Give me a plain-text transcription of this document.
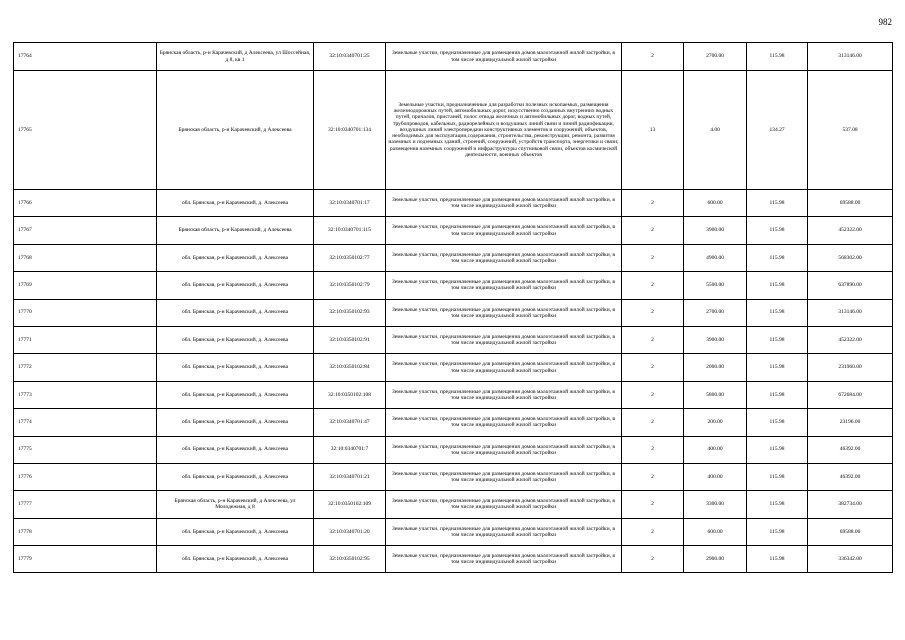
982
17764	Брянская область, р-н Карачевский, д Алексеева, ул Шоссейная, д 8, кв 1	32:10:0340701:25	Земельные участки, предназначенные для размещения домов малоэтажной жилой застройки, в том числе индивидуальной жилой застройки	2	2700.00	115.98	313146.00
17765	Брянская область, р-н Карачевский, д Алексеева	32:10:0340701:134	Земельные участки, предназначенные для разработки полезных ископаемых, размещения железнодорожных путей, автомобильных дорог, искусственно созданных внутренних водных путей, причалов, пристаней, полос отвода железных и автомобильных дорог, водных путей, трубопроводов, кабельных, радиорелейных и воздушных линий связи и линий радиофикации, воздушных линий электропередачи конструктивных элементов и сооружений, объектов, необходимых для эксплуатации,содержания, строительства, реконструкции, ремонта, развития наземных и подземных зданий, строений, сооружений, устройств транспорта, энергетики и связи; размещения наземных сооружений и инфраструктуры спутниковой связи, объектов космической деятельности, военных объектов	13	4.00	134.27	537.08
17766	обл. Брянская, р-н Карачевский, д. Алексеева	32:10:0340701:17	Земельные участки, предназначенные для размещения домов малоэтажной жилой застройки, в том числе индивидуальной жилой застройки	2	600.00	115.98	69588.00
17767	Брянская область, р-н Карачевский, д Алексеева	32:10:0340701:115	Земельные участки, предназначенные для размещения домов малоэтажной жилой застройки, в том числе индивидуальной жилой застройки	2	3900.00	115.98	452322.00
17768	обл. Брянская, р-н Карачевский, д. Алексеева	32:10:0350102:77	Земельные участки, предназначенные для размещения домов малоэтажной жилой застройки, в том числе индивидуальной жилой застройки	2	4900.00	115.98	568302.00
17769	обл. Брянская, р-н Карачевский, д. Алексеева	32:10:0350102:79	Земельные участки, предназначенные для размещения домов малоэтажной жилой застройки, в том числе индивидуальной жилой застройки	2	5500.00	115.98	637890.00
17770	обл. Брянская, р-н Карачевский, д. Алексеева	32:10:0350102:93	Земельные участки, предназначенные для размещения домов малоэтажной жилой застройки, в том числе индивидуальной жилой застройки	2	2700.00	115.98	313146.00
17771	обл. Брянская, р-н Карачевский, д. Алексеева	32:10:0350102:91	Земельные участки, предназначенные для размещения домов малоэтажной жилой застройки, в том числе индивидуальной жилой застройки	2	3900.00	115.98	452322.00
17772	обл. Брянская, р-н Карачевский, д. Алексеева	32:10:0350102:84	Земельные участки, предназначенные для размещения домов малоэтажной жилой застройки, в том числе индивидуальной жилой застройки	2	2000.00	115.98	231960.00
17773	обл. Брянская, р-н Карачевский, д. Алексеева	32:10:0350102:108	Земельные участки, предназначенные для размещения домов малоэтажной жилой застройки, в том числе индивидуальной жилой застройки	2	5800.00	115.98	672684.00
17774	обл. Брянская, р-н Карачевский, д. Алексеева	32:10:0340701:47	Земельные участки, предназначенные для размещения домов малоэтажной жилой застройки, в том числе индивидуальной жилой застройки	2	200.00	115.98	23196.00
17775	обл. Брянская, р-н Карачевский, д. Алексеева	32:10:0340701:7	Земельные участки, предназначенные для размещения домов малоэтажной жилой застройки, в том числе индивидуальной жилой застройки	2	400.00	115.98	46392.00
17776	обл. Брянская, р-н Карачевский, д. Алексеева	32:10:0340701:21	Земельные участки, предназначенные для размещения домов малоэтажной жилой застройки, в том числе индивидуальной жилой застройки	2	400.00	115.98	46392.00
17777	Брянская область, р-н Карачевский, д Алексеева, ул Молодежная, д 8	32:10:0350102:109	Земельные участки, предназначенные для размещения домов малоэтажной жилой застройки, в том числе индивидуальной жилой застройки	2	3300.00	115.98	382734.00
17778	обл. Брянская, р-н Карачевский, д. Алексеева	32:10:0340701:20	Земельные участки, предназначенные для размещения домов малоэтажной жилой застройки, в том числе индивидуальной жилой застройки	2	600.00	115.98	69588.00
17779	обл. Брянская, р-н Карачевский, д. Алексеева	32:10:0350102:95	Земельные участки, предназначенные для размещения домов малоэтажной жилой застройки, в том числе индивидуальной жилой застройки	2	2900.00	115.98	336342.00
